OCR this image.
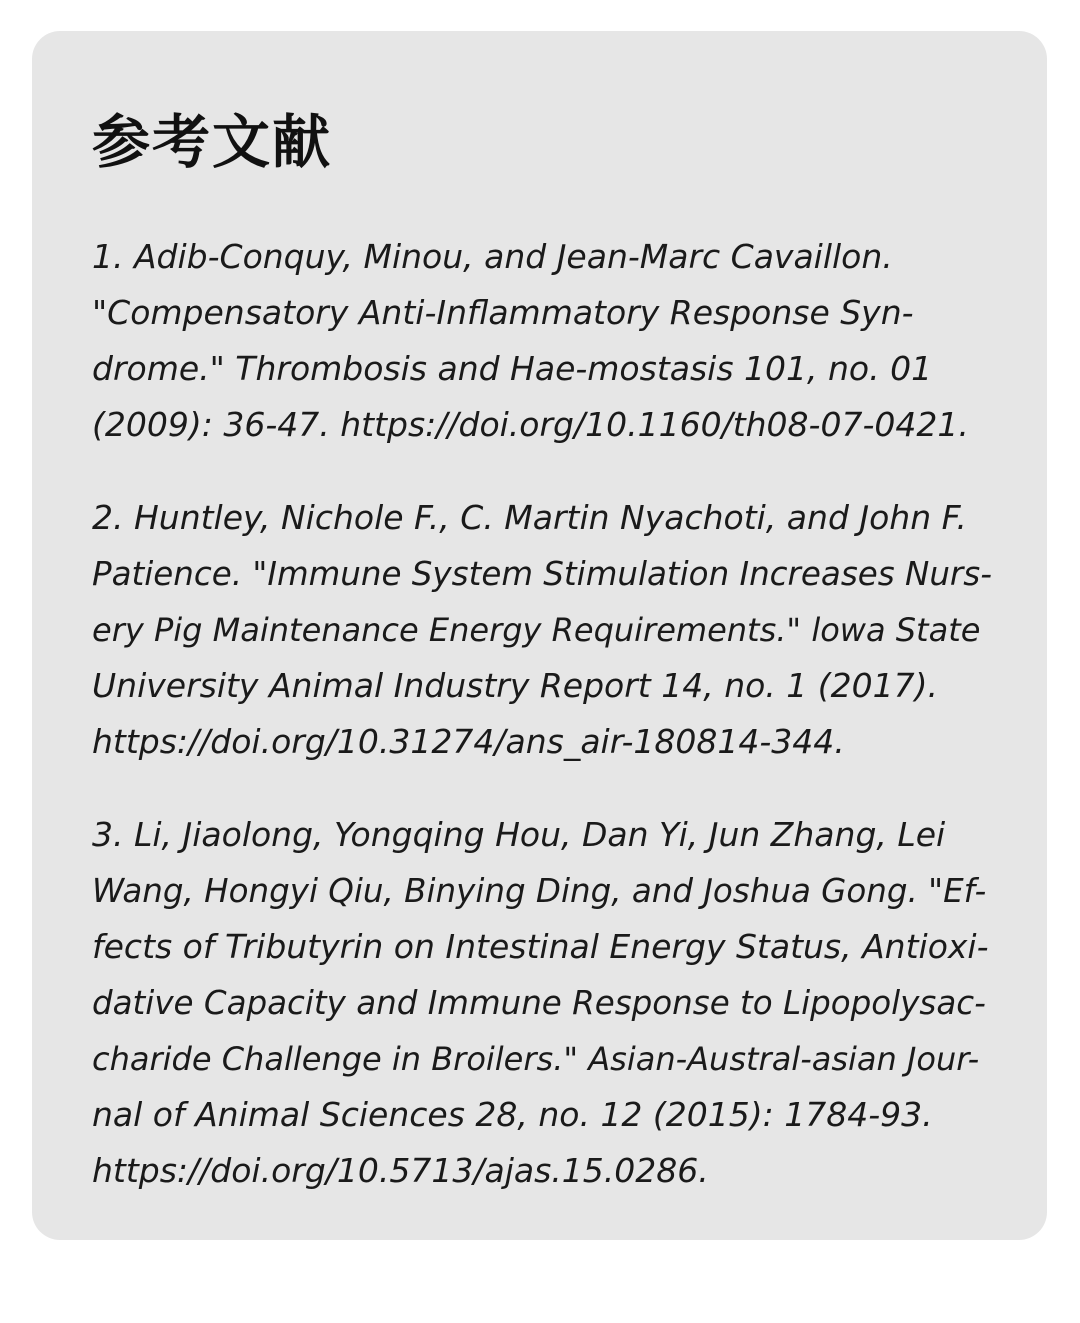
参考文献

1. Adib-Conquy, Minou, and Jean-Marc Cavaillon.
"Compensatory Anti-Inflammatory Response Syn-
drome." Thrombosis and Hae-mostasis 101, no. 01
(2009): 36-47. https://doi.org/10.1160/th08-07-0421.

2. Huntley, Nichole F., C. Martin Nyachoti, and John F.
Patience. "Immune System Stimulation Increases Nurs-
ery Pig Maintenance Energy Requirements." lowa State
University Animal Industry Report 14, no. 1 (2017).
https://doi.org/10.31274/ans_air-180814-344.

3. Li, Jiaolong, Yongqing Hou, Dan Yi, Jun Zhang, Lei
Wang, Hongyi Qiu, Binying Ding, and Joshua Gong. "Ef-
fects of Tributyrin on Intestinal Energy Status, Antioxi-
dative Capacity and Immune Response to Lipopolysac-
charide Challenge in Broilers." Asian-Austral-asian Jour-
nal of Animal Sciences 28, no. 12 (2015): 1784-93.
https://doi.org/10.5713/ajas.15.0286.
